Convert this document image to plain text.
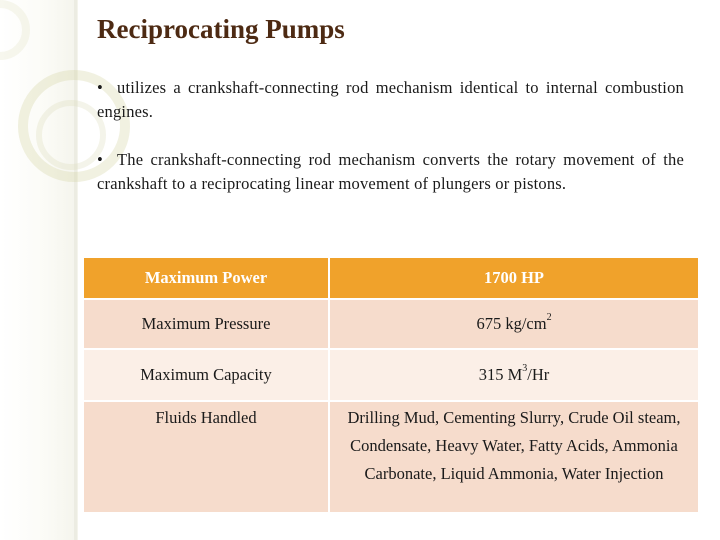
Reciprocating Pumps

• utilizes a crankshaft-connecting rod mechanism identical to internal combustion engines.

• The crankshaft-connecting rod mechanism converts the rotary movement of the crankshaft to a reciprocating linear movement of plungers or pistons.

Maximum Power	1700 HP
Maximum Pressure	675 $kg/cm^2$
Maximum Capacity	315 $M^3/Hr$
Fluids Handled	Drilling Mud, Cementing Slurry, Crude Oil steam, Condensate, Heavy Water, Fatty Acids, Ammonia Carbonate, Liquid Ammonia, Water Injection
